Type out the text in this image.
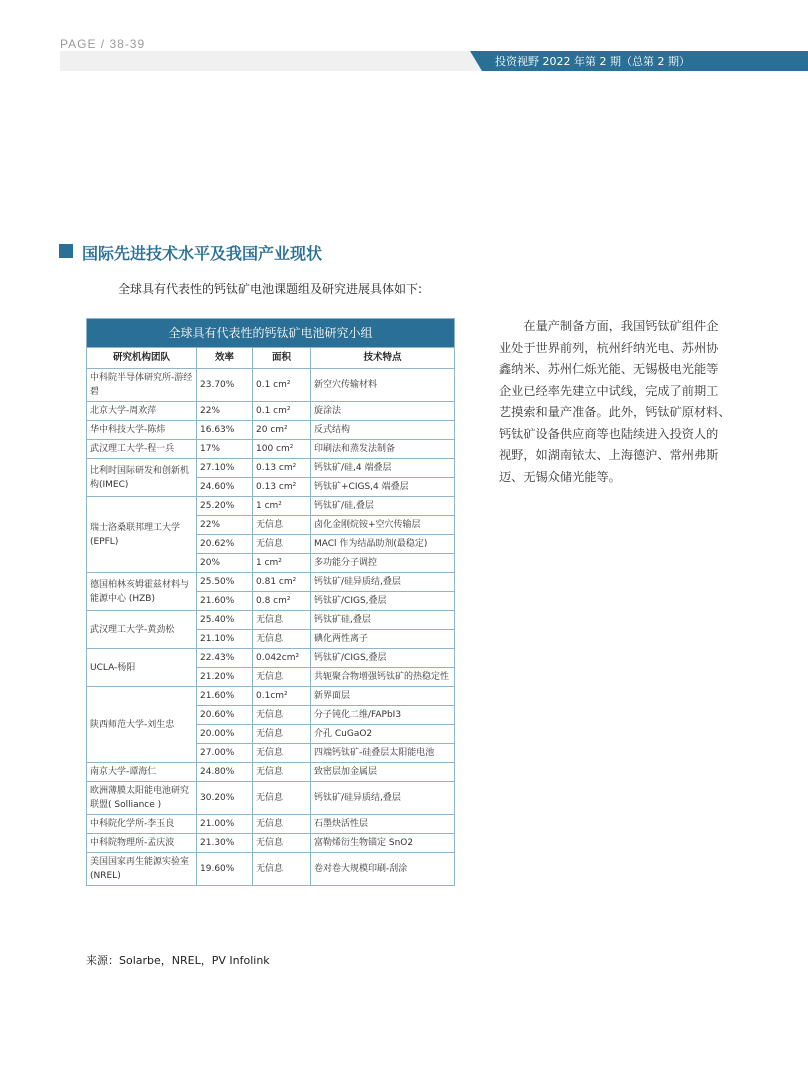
PAGE / 38-39
投资视野 2022 年第 2 期（总第 2 期）
国际先进技术水平及我国产业现状
全球具有代表性的钙钛矿电池课题组及研究进展具体如下:
全球具有代表性的钙钛矿电池研究小组			
研究机构团队	效率	面积	技术特点
中科院半导体研究所-游经碧	23.70%	0.1 cm²	新空穴传输材料
北京大学-周欢萍	22%	0.1 cm²	旋涂法
华中科技大学-陈炜	16.63%	20 cm²	反式结构
武汉理工大学-程一兵	17%	100 cm²	印刷法和蒸发法制备
比利时国际研发和创新机构(IMEC)	27.10%	0.13 cm²	钙钛矿/硅,4 端叠层
	24.60%	0.13 cm²	钙钛矿+CIGS,4 端叠层
瑞士洛桑联邦理工大学(EPFL)	25.20%	1 cm²	钙钛矿/硅,叠层
	22%	无信息	卤化金刚烷铵+空穴传输层
	20.62%	无信息	MACl 作为结晶助剂(最稳定)
	20%	1 cm²	多功能分子调控
德国柏林亥姆霍兹材料与能源中心 (HZB)	25.50%	0.81 cm²	钙钛矿/硅异质结,叠层
	21.60%	0.8 cm²	钙钛矿/CIGS,叠层
武汉理工大学-黄劲松	25.40%	无信息	钙钛矿硅,叠层
	21.10%	无信息	碘化两性离子
UCLA-杨阳	22.43%	0.042cm²	钙钛矿/CIGS,叠层
	21.20%	无信息	共轭聚合物增强钙钛矿的热稳定性
陕西师范大学-刘生忠	21.60%	0.1cm²	新界面层
	20.60%	无信息	分子钝化二维/FAPbI3
	20.00%	无信息	介孔 CuGaO2
	27.00%	无信息	四端钙钛矿-硅叠层太阳能电池
南京大学-谭海仁	24.80%	无信息	致密层加金属层
欧洲薄膜太阳能电池研究联盟( Solliance )	30.20%	无信息	钙钛矿/硅异质结,叠层
中科院化学所-李玉良	21.00%	无信息	石墨炔活性层
中科院物理所-孟庆波	21.30%	无信息	富勒烯衍生物锚定 SnO2
美国国家再生能源实验室(NREL)	19.60%	无信息	卷对卷大规模印刷-刮涂
来源：Solarbe，NREL，PV Infolink
在量产制备方面，我国钙钛矿组件企
业处于世界前列，杭州纤纳光电、苏州协
鑫纳米、苏州仁烁光能、无锡极电光能等
企业已经率先建立中试线，完成了前期工
艺摸索和量产准备。此外，钙钛矿原材料、
钙钛矿设备供应商等也陆续进入投资人的
视野，如湖南铱太、上海德沪、常州弗斯
迈、无锡众储光能等。
